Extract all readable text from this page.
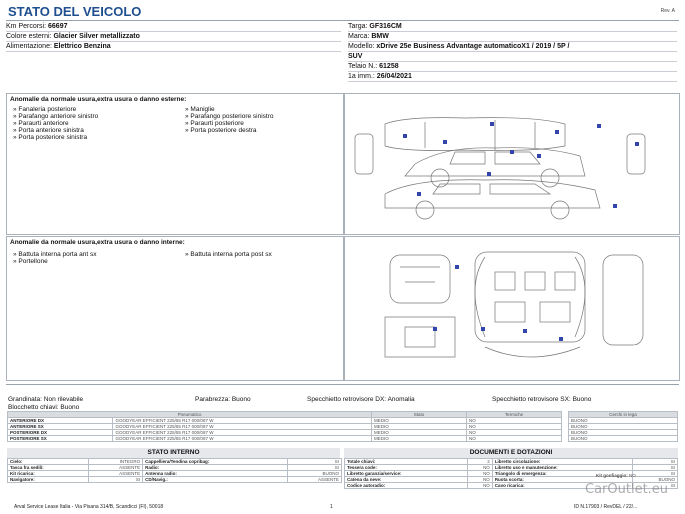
STATO DEL VEICOLO	Rev. A
Km Percorsi: 66697
Colore esterni: Glacier Silver metallizzato
Alimentazione: Elettrico Benzina
Targa: GF316CM
Marca: BMW
Modello: xDrive 25e Business Advantage automaticoX1 / 2019 / 5P /
SUV
Telaio N.: 61258
1a imm.: 26/04/2021
Anomalie da normale usura,extra usura o danno esterne:
» Fanaleria posteriore
» Parafango anteriore sinistro
» Paraurti anteriore
» Porta anteriore sinistra
» Porta posteriore sinistra
» Maniglie
» Parafango posteriore sinistro
» Paraurti posteriore
» Porta posteriore destra
Anomalie da normale usura,extra usura o danno interne:
» Battuta interna porta ant sx
» Portellone
» Battuta interna porta post sx
Grandinata: Non rilevabile	Parabrezza: Buono	Specchietto retrovisore DX: Anomalia	Specchietto retrovisore SX: Buono
Blocchetto chiavi: Buono
Pneumatico		Stato	Termiche
ANTERIORE DX	GOODYEAR EFFICIENT 225/55 R17 000/087 W	MEDIO	NO
ANTERIORE SX	GOODYEAR EFFICIENT 225/55 R17 000/087 W	MEDIO	NO
POSTERIORE DX	GOODYEAR EFFICIENT 225/55 R17 000/087 W	MEDIO	NO
POSTERIORE SX	GOODYEAR EFFICIENT 225/55 R17 000/087 W	MEDIO	NO
Cerchi in lega
BUONO
BUONO
BUONO
BUONO
STATO INTERNO
Cielo:	INTEGRO	Cappelliera/Tendina copribag:	SI
Tasca fra sedili:	ASSENTE	Radio:	SI
Kit ricarica:	ASSENTE	Antenna radio:	BUONO
Navigatore:	SI	CD/Navig.:	ASSENTE
DOCUMENTI E DOTAZIONI
Totale chiavi:	2	Libretto circolazione:	SI
Tessera code:	NO	Libretto uso e manutenzione:	SI
Libretto garanzia/service:	NO	Triangolo di emergenza:	SI
Catena da neve:	NO	Ruota scorta:	BUONO
Codice autoradio:	NO	Cavo ricarica:	SI
Kit gonfiaggio: NO
Arval Service Lease Italia - Via Pisana 314/B, Scandicci (FI), 50018	1	ID N.17903 / RevDEL / 22/...
CarOutlet.eu
